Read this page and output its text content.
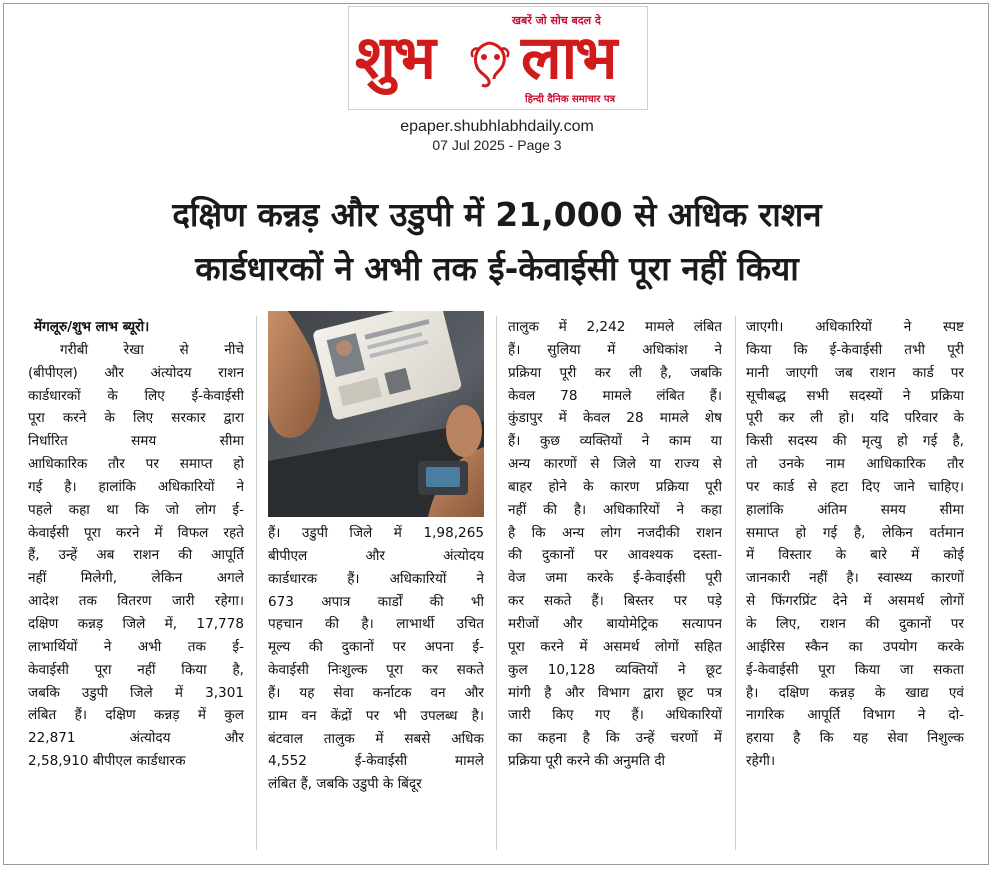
खबरें जो सोच बदल दे
शुभ लाभ
हिन्दी दैनिक समाचार पत्र
epaper.shubhlabhdaily.com
07 Jul 2025 - Page 3
दक्षिण कन्नड़ और उडुपी में 21,000 से अधिक राशन
कार्डधारकों ने अभी तक ई-केवाईसी पूरा नहीं किया
मेंगलूरु/शुभ लाभ ब्यूरो।
गरीबी रेखा से नीचे
(बीपीएल) और अंत्योदय राशन
कार्डधारकों के लिए ई-केवाईसी
पूरा करने के लिए सरकार द्वारा
निर्धारित समय सीमा
आधिकारिक तौर पर समाप्त हो
गई है। हालांकि अधिकारियों ने
पहले कहा था कि जो लोग ई-
केवाईसी पूरा करने में विफल रहते
हैं, उन्हें अब राशन की आपूर्ति
नहीं मिलेगी, लेकिन अगले
आदेश तक वितरण जारी रहेगा।
दक्षिण कन्नड़ जिले में, 17,778
लाभार्थियों ने अभी तक ई-
केवाईसी पूरा नहीं किया है,
जबकि उडुपी जिले में 3,301
लंबित हैं। दक्षिण कन्नड़ में कुल
22,871 अंत्योदय और
2,58,910 बीपीएल कार्डधारक
हैं। उडुपी जिले में 1,98,265
बीपीएल और अंत्योदय
कार्डधारक हैं। अधिकारियों ने
673 अपात्र कार्डों की भी
पहचान की है। लाभार्थी उचित
मूल्य की दुकानों पर अपना ई-
केवाईसी निःशुल्क पूरा कर सकते
हैं। यह सेवा कर्नाटक वन और
ग्राम वन केंद्रों पर भी उपलब्ध है।
बंटवाल तालुक में सबसे अधिक
4,552 ई-केवाईसी मामले
लंबित हैं, जबकि उडुपी के बिंदूर
तालुक में 2,242 मामले लंबित
हैं। सुलिया में अधिकांश ने
प्रक्रिया पूरी कर ली है, जबकि
केवल 78 मामले लंबित हैं।
कुंडापुर में केवल 28 मामले शेष
हैं। कुछ व्यक्तियों ने काम या
अन्य कारणों से जिले या राज्य से
बाहर होने के कारण प्रक्रिया पूरी
नहीं की है। अधिकारियों ने कहा
है कि अन्य लोग नजदीकी राशन
की दुकानों पर आवश्यक दस्ता-
वेज जमा करके ई-केवाईसी पूरी
कर सकते हैं। बिस्तर पर पड़े
मरीजों और बायोमेट्रिक सत्यापन
पूरा करने में असमर्थ लोगों सहित
कुल 10,128 व्यक्तियों ने छूट
मांगी है और विभाग द्वारा छूट पत्र
जारी किए गए हैं। अधिकारियों
का कहना है कि उन्हें चरणों में
प्रक्रिया पूरी करने की अनुमति दी
जाएगी। अधिकारियों ने स्पष्ट
किया कि ई-केवाईसी तभी पूरी
मानी जाएगी जब राशन कार्ड पर
सूचीबद्ध सभी सदस्यों ने प्रक्रिया
पूरी कर ली हो। यदि परिवार के
किसी सदस्य की मृत्यु हो गई है,
तो उनके नाम आधिकारिक तौर
पर कार्ड से हटा दिए जाने चाहिए।
हालांकि अंतिम समय सीमा
समाप्त हो गई है, लेकिन वर्तमान
में विस्तार के बारे में कोई
जानकारी नहीं है। स्वास्थ्य कारणों
से फिंगरप्रिंट देने में असमर्थ लोगों
के लिए, राशन की दुकानों पर
आईरिस स्कैन का उपयोग करके
ई-केवाईसी पूरा किया जा सकता
है। दक्षिण कन्नड़ के खाद्य एवं
नागरिक आपूर्ति विभाग ने दो-
हराया है कि यह सेवा निशुल्क
रहेगी।
